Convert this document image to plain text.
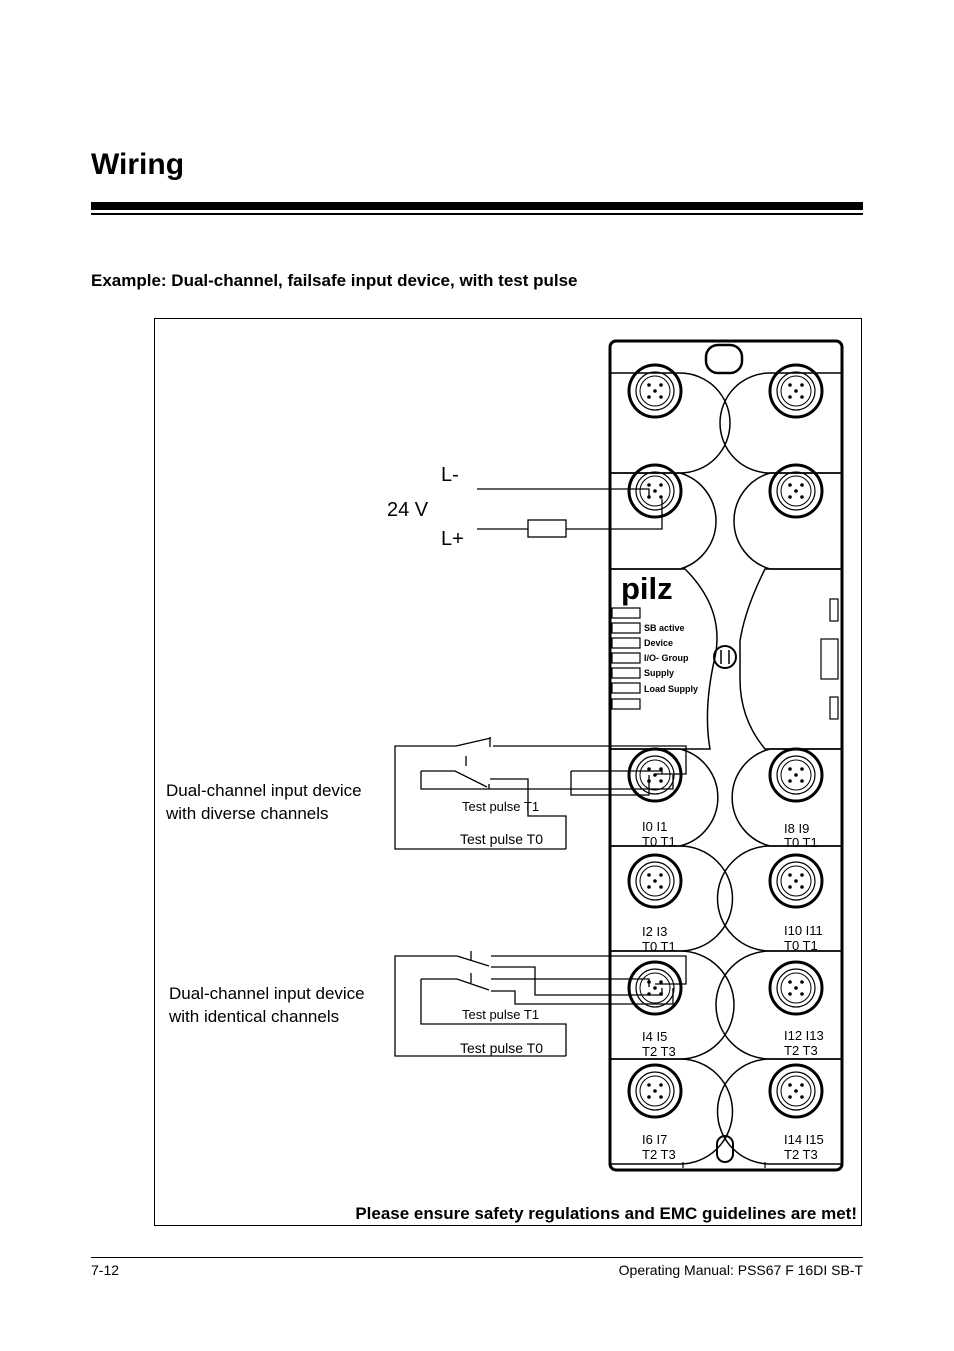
Wiring
Example: Dual-channel, failsafe input device, with test pulse
pilz
SB active
Device
I/O- Group
Supply
Load Supply
L-
24 V
L+
Dual-channel input device
with diverse channels	Test pulse T1
Test pulse T0
Dual-channel input device
with identical channels	Test pulse T1
Test pulse T0
I0 I1
T0 T1
I8 I9
T0 T1
I2 I3
T0 T1
I10 I11
T0 T1
I4 I5
T2 T3
I12 I13
T2 T3
I6 I7
T2 T3
I14 I15
T2 T3
Please ensure safety regulations and EMC guidelines are met!
7-12	Operating Manual: PSS67 F 16DI SB-T
